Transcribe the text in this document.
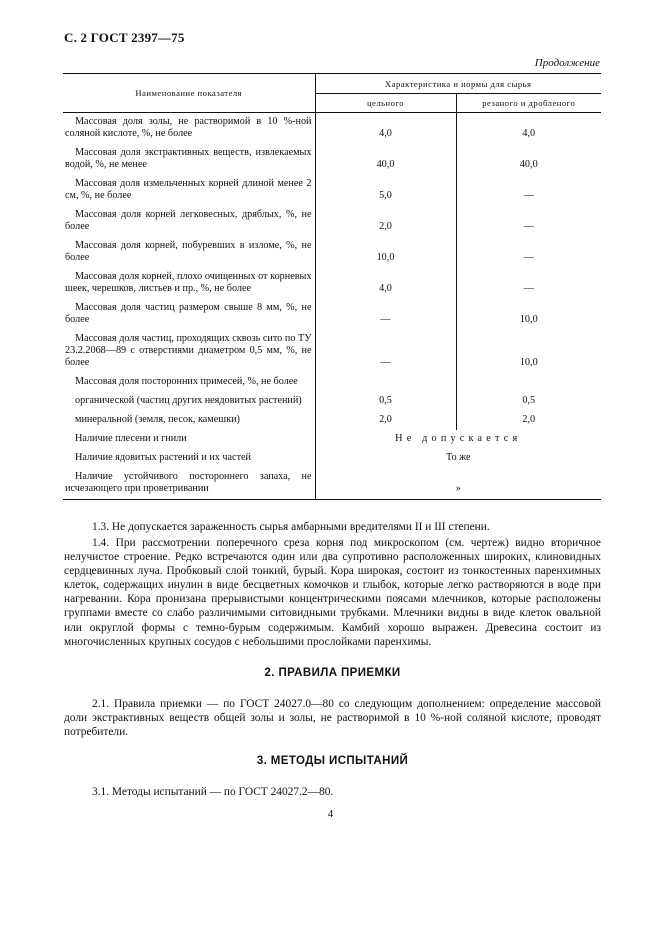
С. 2 ГОСТ 2397—75
Продолжение
Наименование показателя	Характеристика и нормы для сырья	
	цельного	резаного и дробленого
Массовая доля золы, не растворимой в 10 %-ной соляной кислоте, %, не более	4,0	4,0
Массовая доля экстрактивных веществ, извлекаемых водой, %, не менее	40,0	40,0
Массовая доля измельченных корней длиной менее 2 см, %, не более	5,0	—
Массовая доля корней легковесных, дряблых, %, не более	2,0	—
Массовая доля корней, побуревших в изломе, %, не более	10,0	—
Массовая доля корней, плохо очищенных от корневых шеек, черешков, листьев и пр., %, не более	4,0	—
Массовая доля частиц размером свыше 8 мм, %, не более	—	10,0
Массовая доля частиц, проходящих сквозь сито по ТУ 23.2.2068—89 с отверстиями диаметром 0,5 мм, %, не более	—	10,0
Массовая доля посторонних примесей, %, не более		
органической (частиц других неядовитых растений)	0,5	0,5
минеральной (земля, песок, камешки)	2,0	2,0
Наличие плесени и гнили	Не допускается	
Наличие ядовитых растений и их частей	То же	
Наличие устойчивого постороннего запаха, не исчезающего при проветривании	»	

1.3. Не допускается зараженность сырья амбарными вредителями II и III степени.

1.4. При рассмотрении поперечного среза корня под микроскопом (см. чертеж) видно вторичное нелучистое строение. Редко встречаются один или два супротивно расположенных широких, клиновидных сердцевинных луча. Пробковый слой тонкий, бурый. Кора широкая, состоит из тонкостенных паренхимных клеток, содержащих инулин в виде бесцветных комочков и глыбок, которые легко растворяются в воде при нагревании. Кора пронизана прерывистыми концентрическими поясами млечников, которые расположены группами вместе со слабо различимыми ситовидными трубками. Млечники видны в виде клеток овальной или округлой формы с темно-бурым содержимым. Камбий хорошо выражен. Древесина состоит из многочисленных крупных сосудов с небольшими прослойками паренхимы.

2. ПРАВИЛА ПРИЕМКИ

2.1. Правила приемки — по ГОСТ 24027.0—80 со следующим дополнением: определение массовой доли экстрактивных веществ общей золы и золы, не растворимой в 10 %-ной соляной кислоте, проводят потребители.

3. МЕТОДЫ ИСПЫТАНИЙ

3.1. Методы испытаний — по ГОСТ 24027.2—80.

4
